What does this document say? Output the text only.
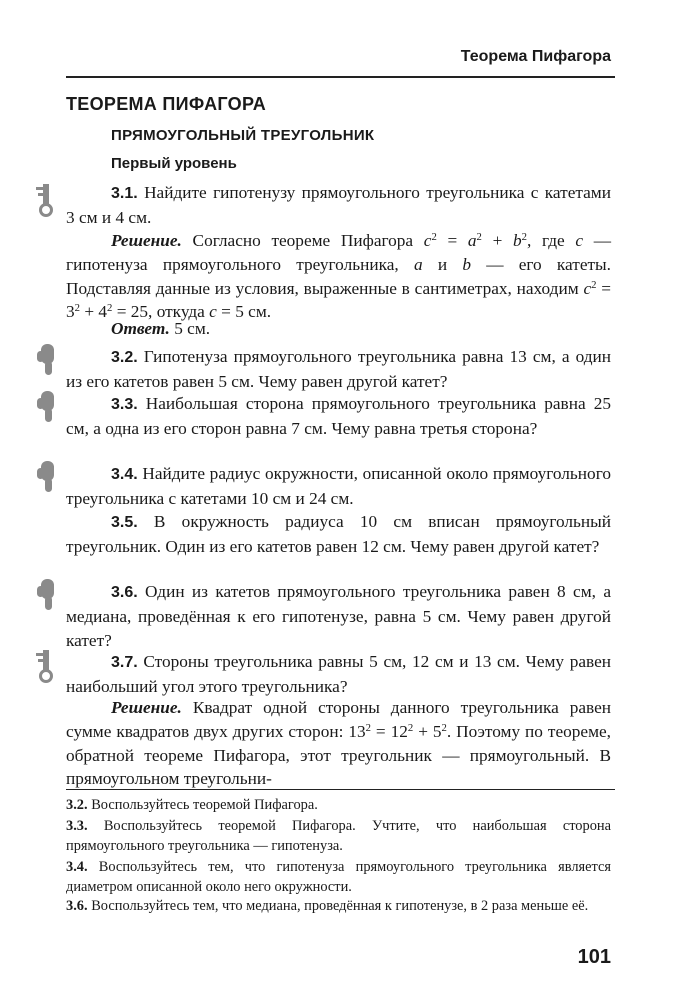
Теорема Пифагора
ТЕОРЕМА ПИФАГОРА
ПРЯМОУГОЛЬНЫЙ ТРЕУГОЛЬНИК
Первый уровень
3.1. Найдите гипотенузу прямоугольного треугольника с катетами 3 см и 4 см.
Решение. Согласно теореме Пифагора $c^2 = a^2 + b^2$, где c — гипотенуза прямоугольного треугольника, a и b — его катеты. Подставляя данные из условия, выраженные в сантиметрах, находим $c^2 = 3^2 + 4^2 = 25$, откуда c = 5 см.
Ответ. 5 см.
3.2. Гипотенуза прямоугольного треугольника равна 13 см, а один из его катетов равен 5 см. Чему равен другой катет?
3.3. Наибольшая сторона прямоугольного треугольника равна 25 см, а одна из его сторон равна 7 см. Чему равна третья сторона?
3.4. Найдите радиус окружности, описанной около прямоугольного треугольника с катетами 10 см и 24 см.
3.5. В окружность радиуса 10 см вписан прямоугольный треугольник. Один из его катетов равен 12 см. Чему равен другой катет?
3.6. Один из катетов прямоугольного треугольника равен 8 см, а медиана, проведённая к его гипотенузе, равна 5 см. Чему равен другой катет?
3.7. Стороны треугольника равны 5 см, 12 см и 13 см. Чему равен наибольший угол этого треугольника?
Решение. Квадрат одной стороны данного треугольника равен сумме квадратов двух других сторон: $13^2 = 12^2 + 5^2$. Поэтому по теореме, обратной теореме Пифагора, этот треугольник — прямоугольный. В прямоугольном треугольни-
3.2. Воспользуйтесь теоремой Пифагора.
3.3. Воспользуйтесь теоремой Пифагора. Учтите, что наибольшая сторона прямоугольного треугольника — гипотенуза.
3.4. Воспользуйтесь тем, что гипотенуза прямоугольного треугольника является диаметром описанной около него окружности.
3.6. Воспользуйтесь тем, что медиана, проведённая к гипотенузе, в 2 раза меньше её.
101
